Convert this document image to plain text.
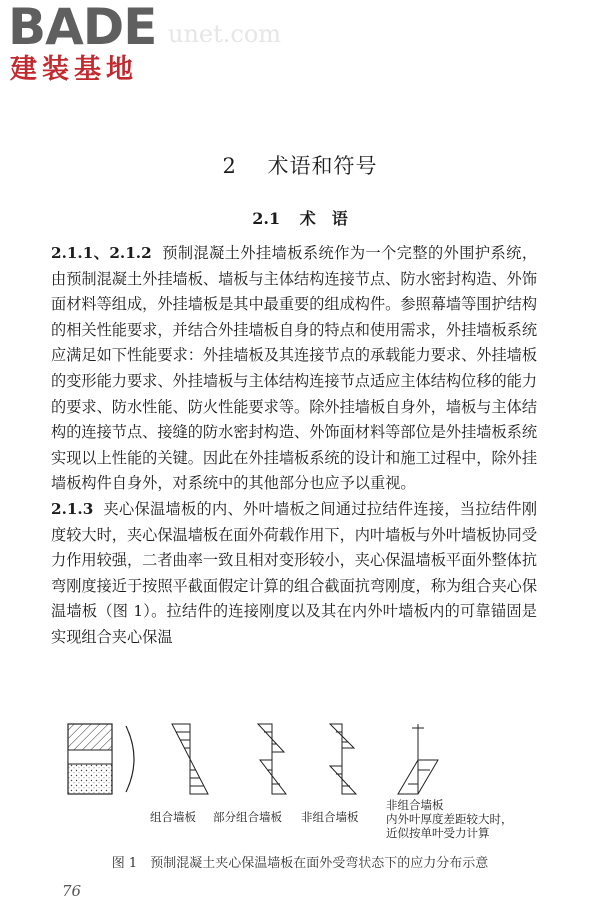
BADE
建装基地
unet.com
2 术语和符号
2.1 术　语

2.1.1、2.1.2 预制混凝土外挂墙板系统作为一个完整的外围护系统，由预制混凝土外挂墙板、墙板与主体结构连接节点、防水密封构造、外饰面材料等组成，外挂墙板是其中最重要的组成构件。参照幕墙等围护结构的相关性能要求，并结合外挂墙板自身的特点和使用需求，外挂墙板系统应满足如下性能要求：外挂墙板及其连接节点的承载能力要求、外挂墙板的变形能力要求、外挂墙板与主体结构连接节点适应主体结构位移的能力的要求、防水性能、防火性能要求等。除外挂墙板自身外，墙板与主体结构的连接节点、接缝的防水密封构造、外饰面材料等部位是外挂墙板系统实现以上性能的关键。因此在外挂墙板系统的设计和施工过程中，除外挂墙板构件自身外，对系统中的其他部分也应予以重视。

2.1.3 夹心保温墙板的内、外叶墙板之间通过拉结件连接，当拉结件刚度较大时，夹心保温墙板在面外荷载作用下，内叶墙板与外叶墙板协同受力作用较强，二者曲率一致且相对变形较小，夹心保温墙板平面外整体抗弯刚度接近于按照平截面假定计算的组合截面抗弯刚度，称为组合夹心保温墙板（图 1）。拉结件的连接刚度以及其在内外叶墙板内的可靠锚固是实现组合夹心保温

组合墙板 部分组合墙板 非组合墙板
非组合墙板
内外叶厚度差距较大时，
近似按单叶受力计算
图 1　预制混凝土夹心保温墙板在面外受弯状态下的应力分布示意
76
